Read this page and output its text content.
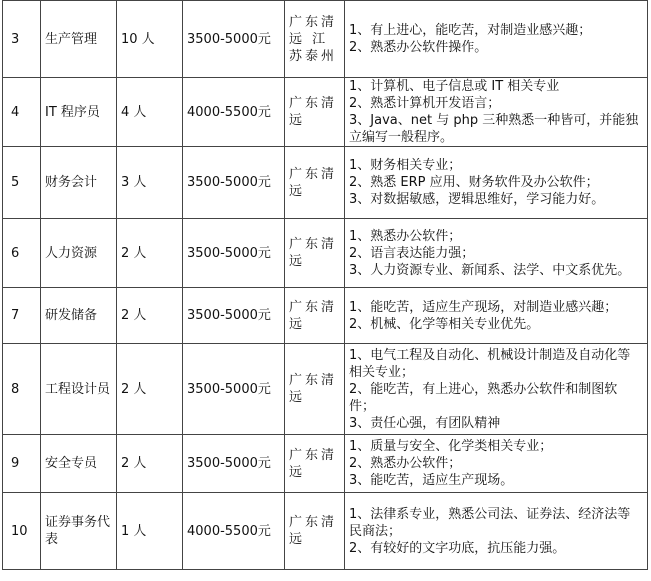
3	生产管理	10 人	3500-5000元	广东清远 江苏泰州	1、有上进心，能吃苦，对制造业感兴趣；
2、熟悉办公软件操作。

4	IT 程序员	4 人	4000-5500元	广东清远	1、计算机、电子信息或 IT 相关专业
2、熟悉计算机开发语言；
3、Java、net 与 php 三种熟悉一种皆可，并能独立编写一般程序。

5	财务会计	3 人	3500-5000元	广东清远	1、财务相关专业；
2、熟悉 ERP 应用、财务软件及办公软件；
3、对数据敏感，逻辑思维好，学习能力好。

6	人力资源	2 人	3500-5000元	广东清远	1、熟悉办公软件；
2、语言表达能力强；
3、人力资源专业、新闻系、法学、中文系优先。

7	研发储备	2 人	3500-5000元	广东清远	1、能吃苦，适应生产现场，对制造业感兴趣；
2、机械、化学等相关专业优先。

8	工程设计员	2 人	3500-5000元	广东清远	1、电气工程及自动化、机械设计制造及自动化等相关专业；
2、能吃苦，有上进心，熟悉办公软件和制图软件；
3、责任心强，有团队精神

9	安全专员	2 人	3500-5000元	广东清远	1、质量与安全、化学类相关专业；
2、熟悉办公软件；
3、能吃苦，适应生产现场。

10	证券事务代表	1 人	4000-5500元	广东清远	1、法律系专业，熟悉公司法、证券法、经济法等民商法；
2、有较好的文字功底，抗压能力强。
